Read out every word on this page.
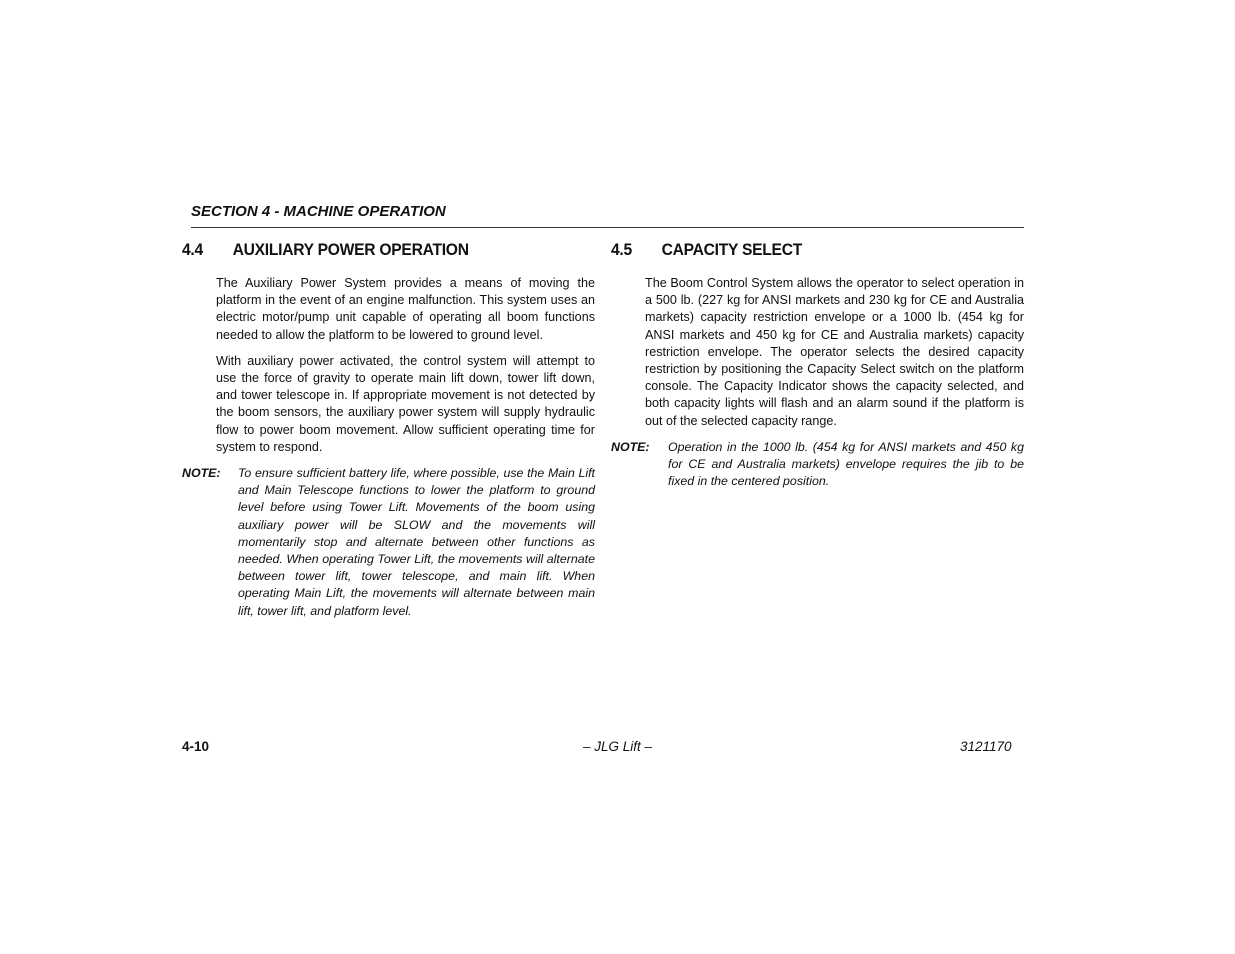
SECTION 4 - MACHINE OPERATION
4.4	AUXILIARY POWER OPERATION

The Auxiliary Power System provides a means of moving the platform in the event of an engine malfunction. This system uses an electric motor/pump unit capable of operating all boom functions needed to allow the platform to be lowered to ground level.

With auxiliary power activated, the control system will attempt to use the force of gravity to operate main lift down, tower lift down, and tower telescope in. If appropriate movement is not detected by the boom sensors, the auxiliary power system will supply hydraulic flow to power boom movement. Allow sufficient operating time for system to respond.

NOTE:	To ensure sufficient battery life, where possible, use the Main Lift and Main Telescope functions to lower the platform to ground level before using Tower Lift. Movements of the boom using auxiliary power will be SLOW and the movements will momentarily stop and alternate between other functions as needed. When operating Tower Lift, the movements will alternate between tower lift, tower telescope, and main lift. When operating Main Lift, the movements will alternate between main lift, tower lift, and platform level.
4.5	CAPACITY SELECT

The Boom Control System allows the operator to select operation in a 500 lb. (227 kg for ANSI markets and 230 kg for CE and Australia markets) capacity restriction envelope or a 1000 lb. (454 kg for ANSI markets and 450 kg for CE and Australia markets) capacity restriction envelope. The operator selects the desired capacity restriction by positioning the Capacity Select switch on the platform console. The Capacity Indicator shows the capacity selected, and both capacity lights will flash and an alarm sound if the platform is out of the selected capacity range.

NOTE:	Operation in the 1000 lb. (454 kg for ANSI markets and 450 kg for CE and Australia markets) envelope requires the jib to be fixed in the centered position.
4-10	– JLG Lift –	3121170
